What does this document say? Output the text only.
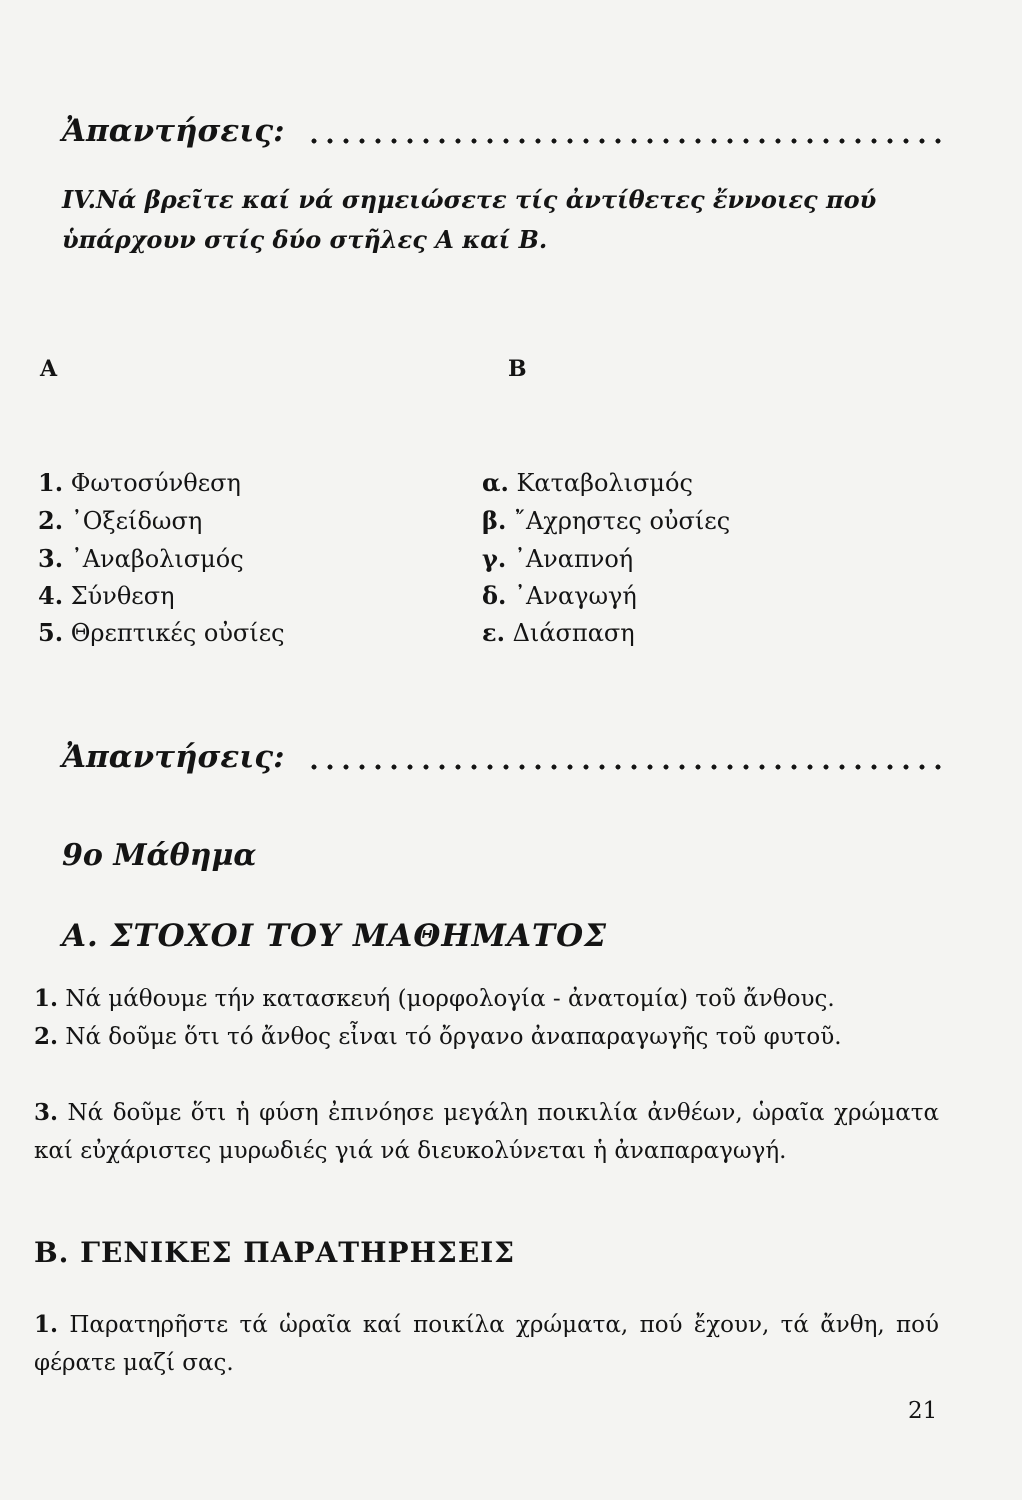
Ἀπαντήσεις:
IV.Νά βρεῖτε καί νά σημειώσετε τίς ἀντίθετες ἔννοιες πού ὑπάρχουν στίς δύο στῆλες Α καί Β.
Α	Β
1. Φωτοσύνθεση
2. ᾿Οξείδωση
3. ᾿Αναβολισμός
4. Σύνθεση
5. Θρεπτικές οὐσίες
α. Καταβολισμός
β. ῎Αχρηστες οὐσίες
γ. ᾿Αναπνοή
δ. ᾿Αναγωγή
ε. Διάσπαση
Ἀπαντήσεις:
9ο Μάθημα
Α. ΣΤΟΧΟΙ ΤΟΥ ΜΑΘΗΜΑΤΟΣ
1. Νά μάθουμε τήν κατασκευή (μορφολογία - ἀνατομία) τοῦ ἄνθους.
2. Νά δοῦμε ὅτι τό ἄνθος εἶναι τό ὄργανο ἀναπαραγωγῆς τοῦ φυτοῦ.
3. Νά δοῦμε ὅτι ἡ φύση ἐπινόησε μεγάλη ποικιλία ἀνθέων, ὡραῖα χρώματα καί εὐχάριστες μυρωδιές γιά νά διευκολύνεται ἡ ἀναπαραγωγή.
Β. ΓΕΝΙΚΕΣ ΠΑΡΑΤΗΡΗΣΕΙΣ
1. Παρατηρῆστε τά ὡραῖα καί ποικίλα χρώματα, πού ἔχουν, τά ἄνθη, πού φέρατε μαζί σας.
21
